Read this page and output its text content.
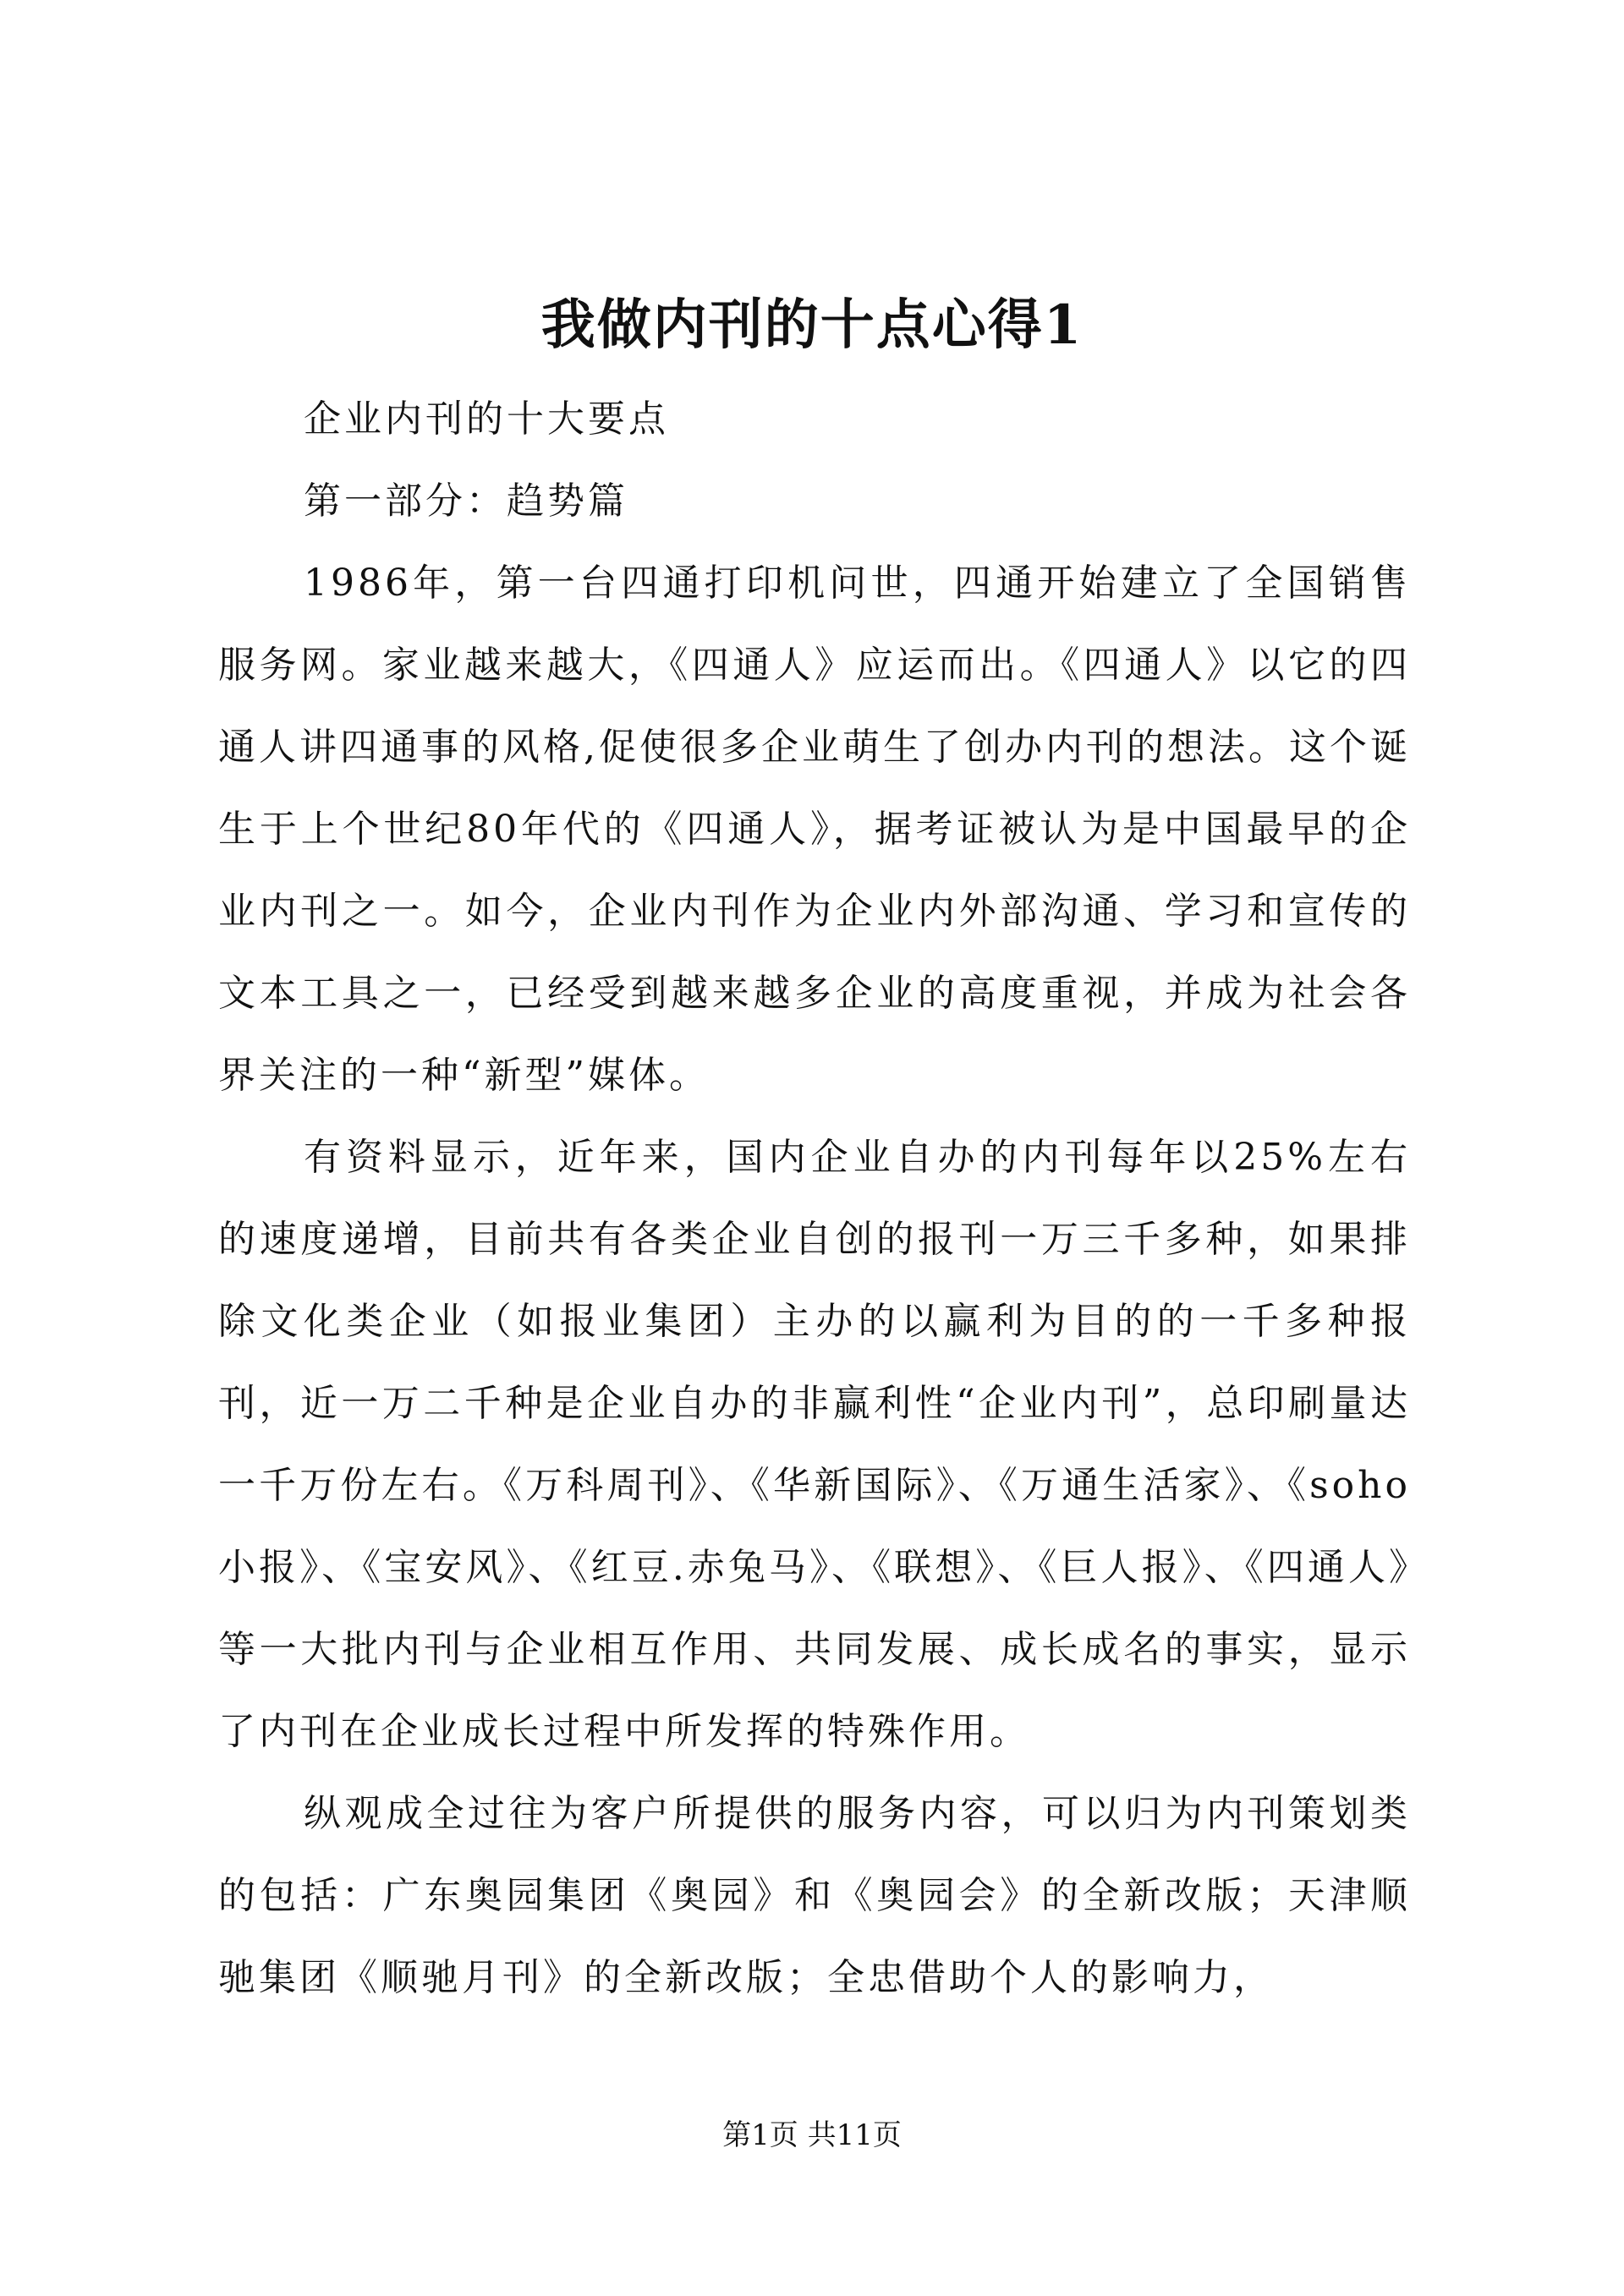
我做内刊的十点心得1

企业内刊的十大要点

第一部分：趋势篇

1986年，第一台四通打印机问世，四通开始建立了全国销售服务网。家业越来越大，《四通人》应运而出。《四通人》以它的四通人讲四通事的风格,促使很多企业萌生了创办内刊的想法。这个诞生于上个世纪80年代的《四通人》，据考证被认为是中国最早的企业内刊之一。如今，企业内刊作为企业内外部沟通、学习和宣传的文本工具之一，已经受到越来越多企业的高度重视，并成为社会各界关注的一种“新型”媒体。

有资料显示，近年来，国内企业自办的内刊每年以25%左右的速度递增，目前共有各类企业自创的报刊一万三千多种，如果排除文化类企业（如报业集团）主办的以赢利为目的的一千多种报刊，近一万二千种是企业自办的非赢利性“企业内刊”，总印刷量达一千万份左右。《万科周刊》、《华新国际》、《万通生活家》、《soho小报》、《宝安风》、《红豆.赤兔马》、《联想》、《巨人报》、《四通人》等一大批内刊与企业相互作用、共同发展、成长成名的事实，显示了内刊在企业成长过程中所发挥的特殊作用。

纵观成全过往为客户所提供的服务内容，可以归为内刊策划类的包括：广东奥园集团《奥园》和《奥园会》的全新改版；天津顺驰集团《顺驰月刊》的全新改版；全忠借助个人的影响力，

第1页 共11页
